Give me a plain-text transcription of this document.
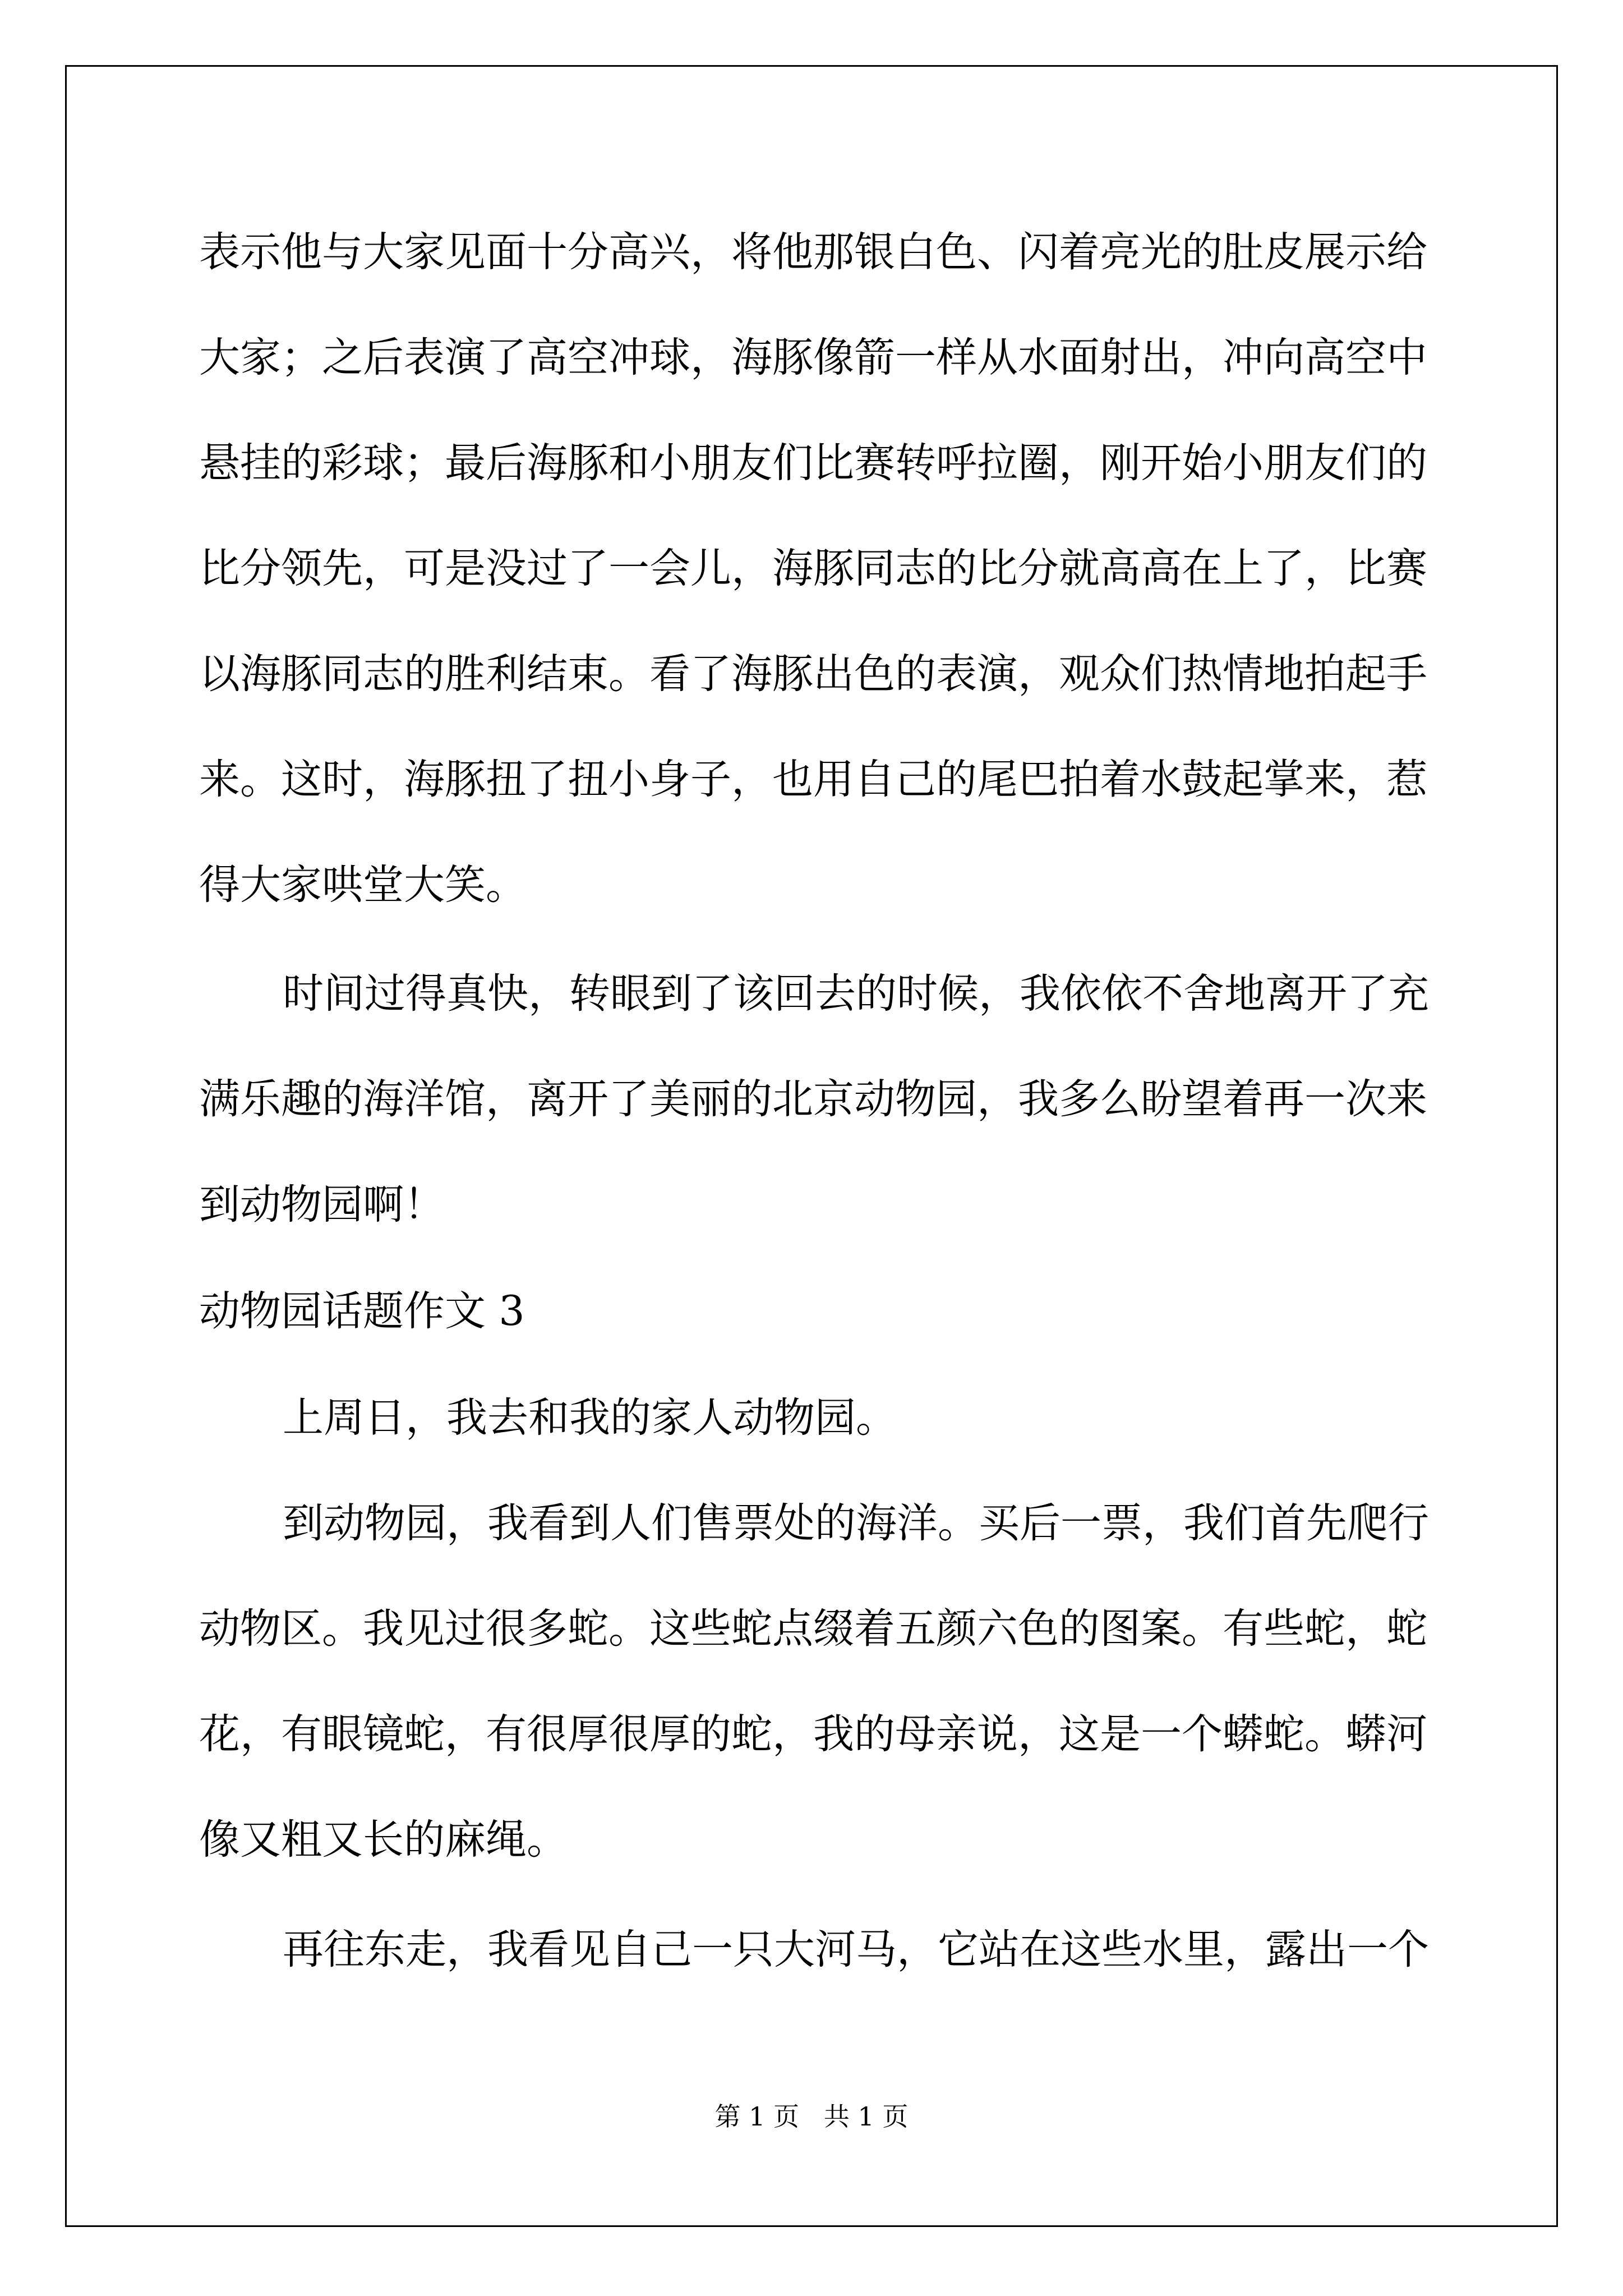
表示他与大家见面十分高兴，将他那银白色、闪着亮光的肚皮展示给

大家；之后表演了高空冲球，海豚像箭一样从水面射出，冲向高空中

悬挂的彩球；最后海豚和小朋友们比赛转呼拉圈，刚开始小朋友们的

比分领先，可是没过了一会儿，海豚同志的比分就高高在上了，比赛

以海豚同志的胜利结束。看了海豚出色的表演，观众们热情地拍起手

来。这时，海豚扭了扭小身子，也用自己的尾巴拍着水鼓起掌来，惹

得大家哄堂大笑。

时间过得真快，转眼到了该回去的时候，我依依不舍地离开了充

满乐趣的海洋馆，离开了美丽的北京动物园，我多么盼望着再一次来

到动物园啊！

动物园话题作文 3

上周日，我去和我的家人动物园。

到动物园，我看到人们售票处的海洋。买后一票，我们首先爬行

动物区。我见过很多蛇。这些蛇点缀着五颜六色的图案。有些蛇，蛇

花，有眼镜蛇，有很厚很厚的蛇，我的母亲说，这是一个蟒蛇。蟒河

像又粗又长的麻绳。

再往东走，我看见自己一只大河马，它站在这些水里，露出一个

第 1 页   共 1 页
